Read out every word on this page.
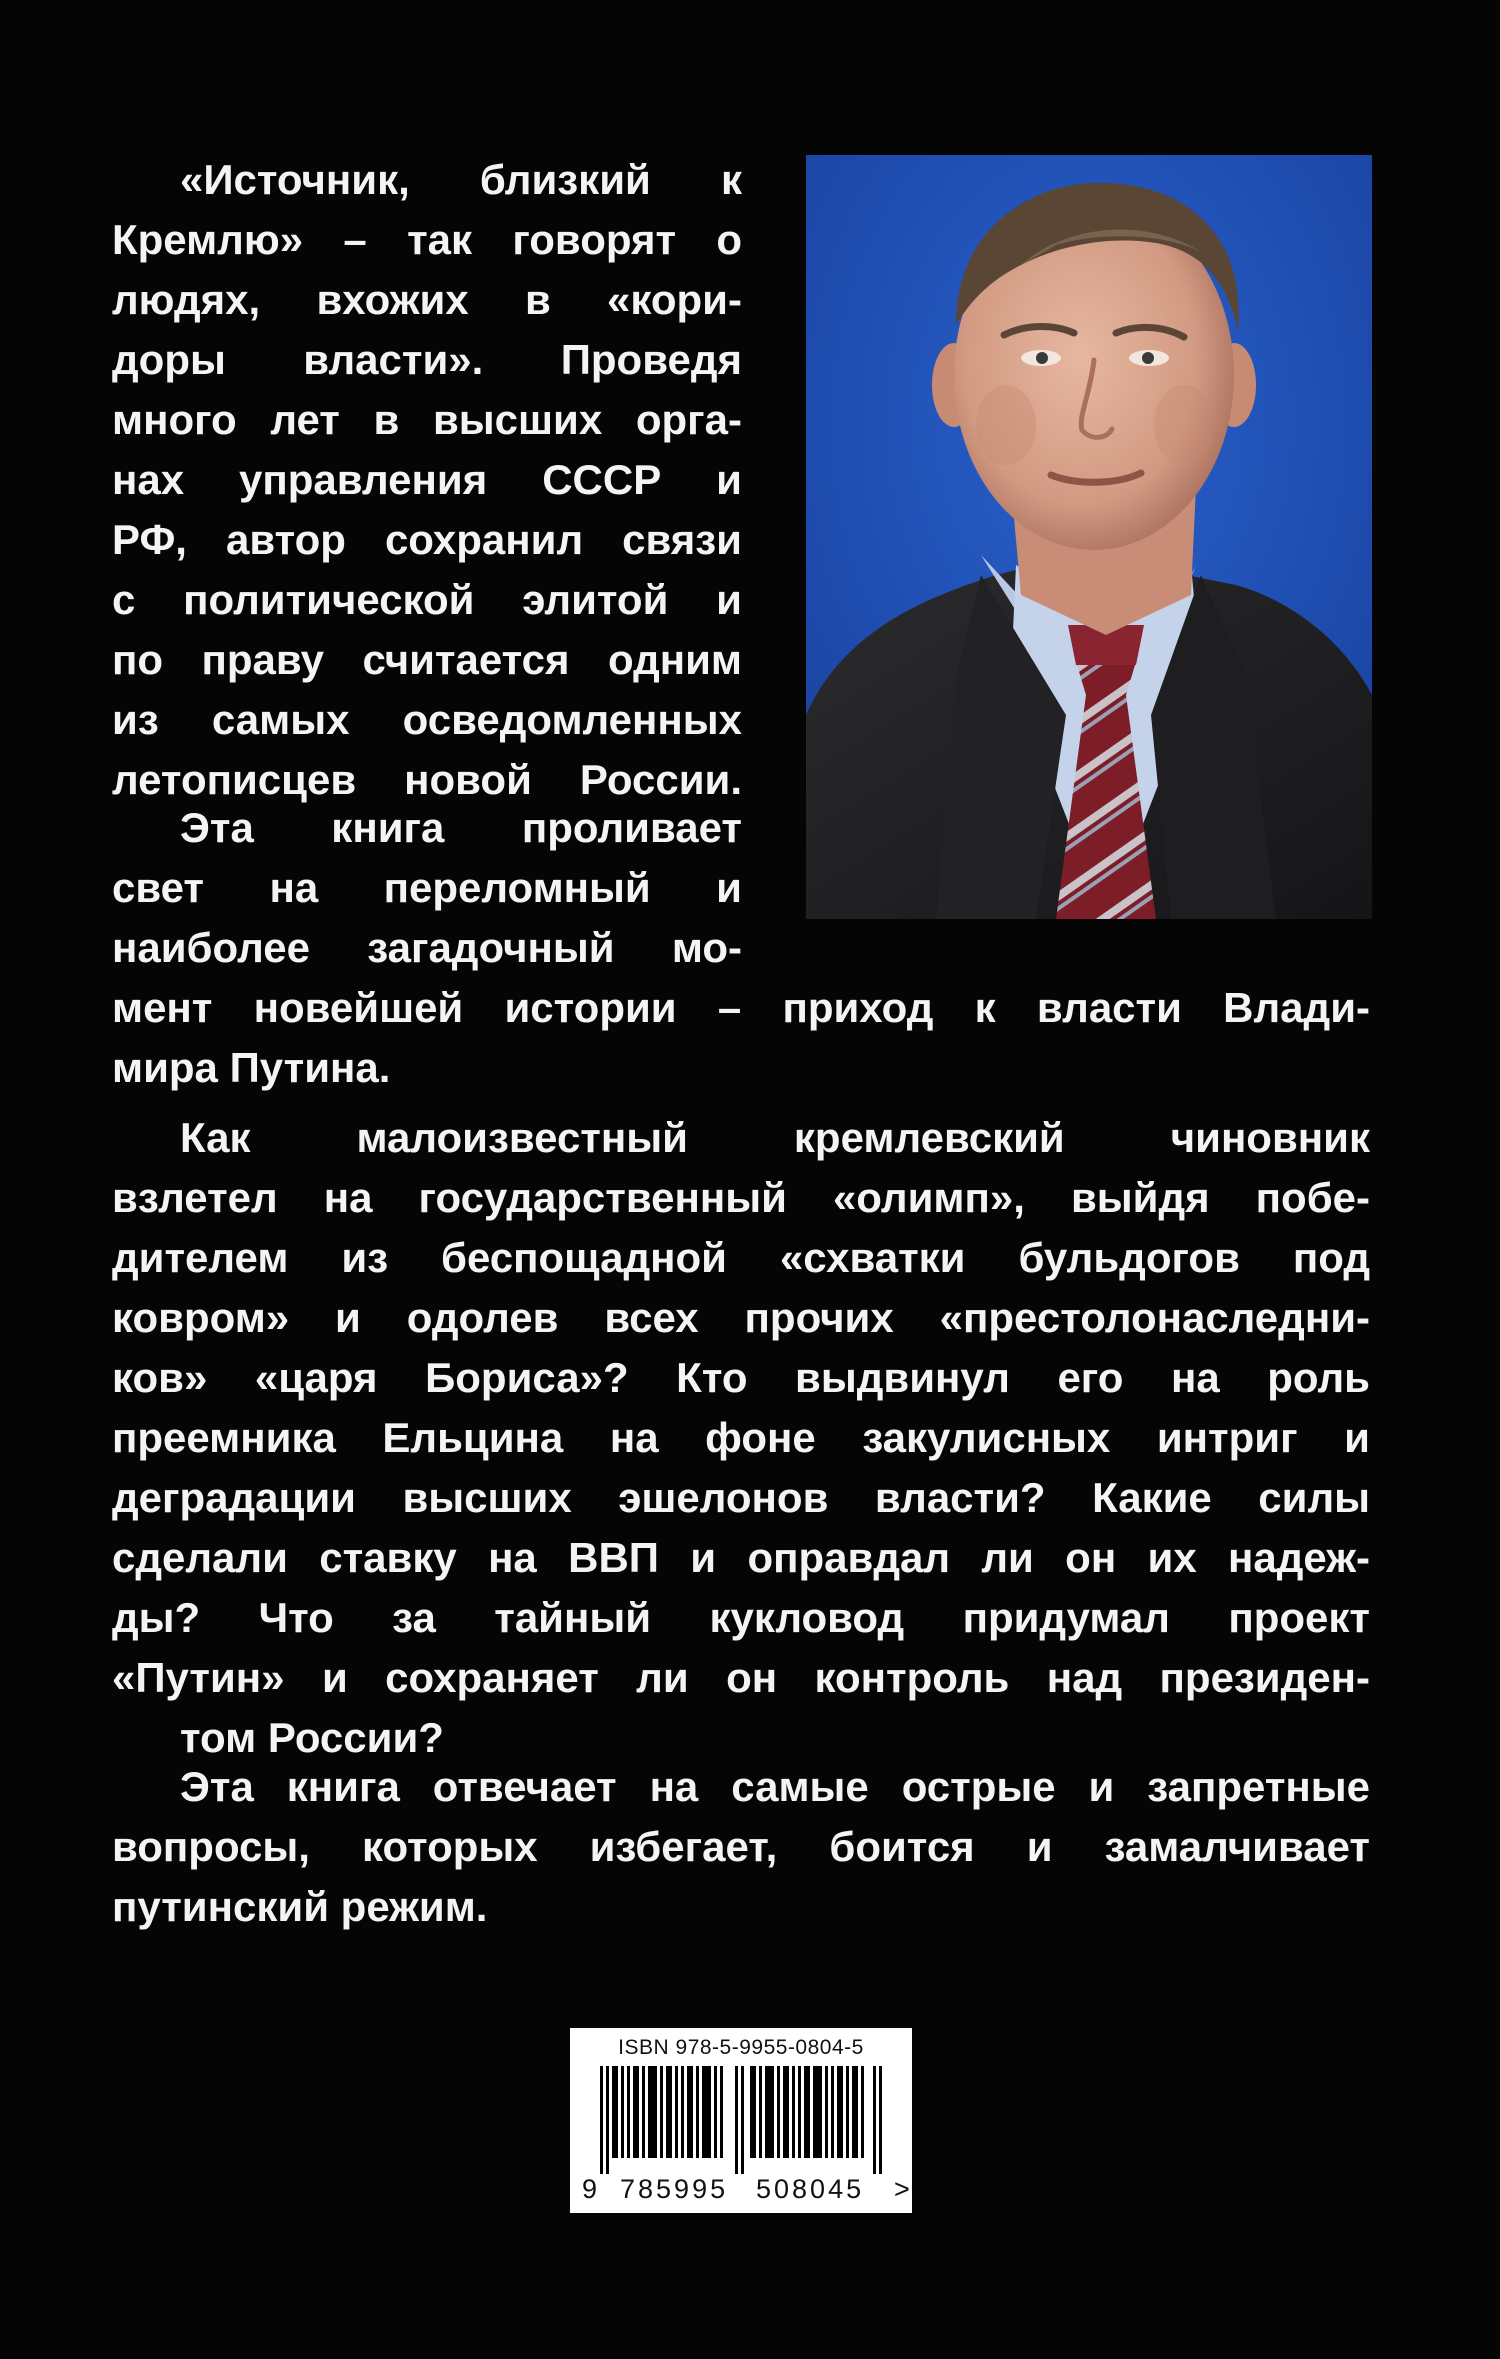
«Источник, близкий к
Кремлю» – так говорят о
людях, вхожих в «кори-
доры власти». Проведя
много лет в высших орга-
нах управления СССР и
РФ, автор сохранил связи
с политической элитой и
по праву считается одним
из самых осведомленных
летописцев новой России.
Эта книга проливает
свет на переломный и
наиболее загадочный мо-
мент новейшей истории – приход к власти Влади-
мира Путина.
Как малоизвестный кремлевский чиновник
взлетел на государственный «олимп», выйдя побе-
дителем из беспощадной «схватки бульдогов под
ковром» и одолев всех прочих «престолонаследни-
ков» «царя Бориса»? Кто выдвинул его на роль
преемника Ельцина на фоне закулисных интриг и
деградации высших эшелонов власти? Какие силы
сделали ставку на ВВП и оправдал ли он их надеж-
ды? Что за тайный кукловод придумал проект
«Путин» и сохраняет ли он контроль над президен-
том России?
Эта книга отвечает на самые острые и запретные
вопросы, которых избегает, боится и замалчивает
путинский режим.
ISBN 978-5-9955-0804-5
9 785995 508045 >
